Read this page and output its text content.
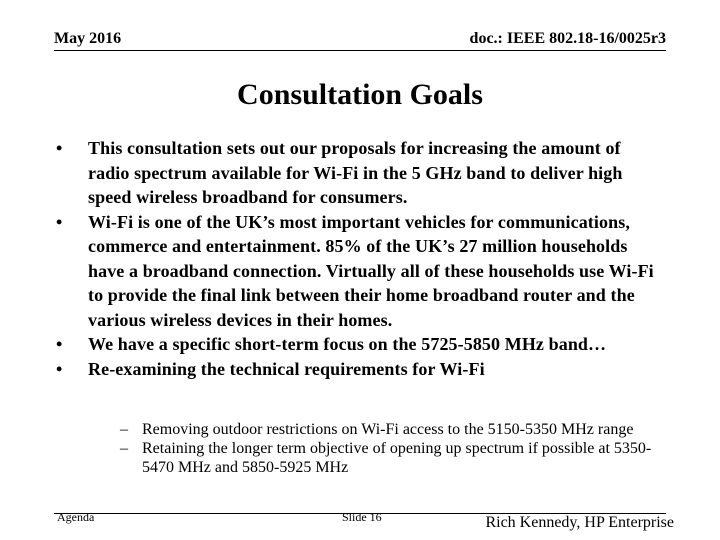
May 2016	doc.: IEEE 802.18-16/0025r3
Consultation Goals
• This consultation sets out our proposals for increasing the amount of radio spectrum available for Wi-Fi in the 5 GHz band to deliver high speed wireless broadband for consumers.
• Wi-Fi is one of the UK’s most important vehicles for communications, commerce and entertainment. 85% of the UK’s 27 million households have a broadband connection. Virtually all of these households use Wi-Fi to provide the final link between their home broadband router and the various wireless devices in their homes.
• We have a specific short-term focus on the 5725-5850 MHz band…
• Re-examining the technical requirements for Wi-Fi
– Removing outdoor restrictions on Wi-Fi access to the 5150-5350 MHz range
– Retaining the longer term objective of opening up spectrum if possible at 5350-5470 MHz and 5850-5925 MHz
Agenda	Slide 16	Rich Kennedy, HP Enterprise
